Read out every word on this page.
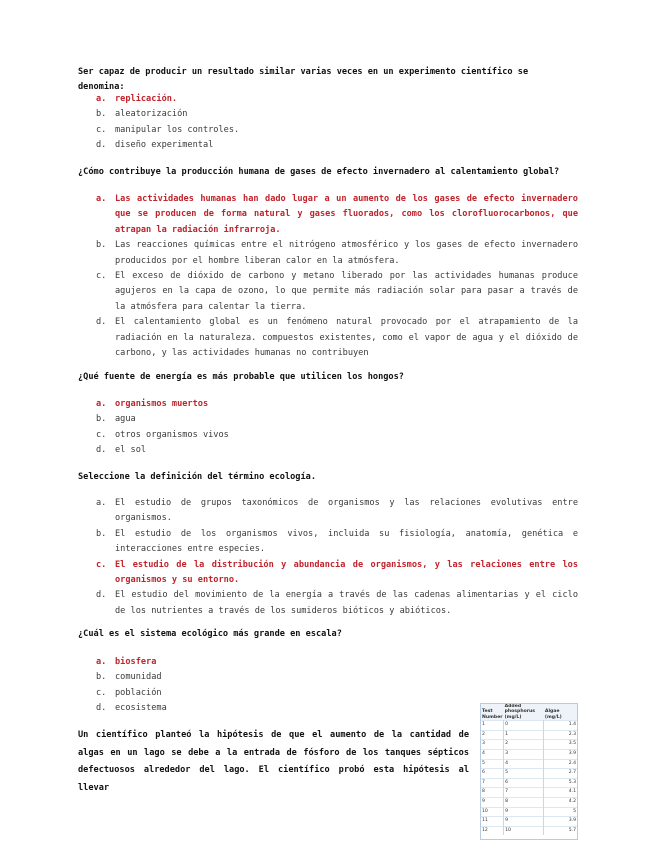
Ser capaz de producir un resultado similar varias veces en un experimento científico se denomina:

a.	replicación.
b.	aleatorización
c.	manipular los controles.
d.	diseño experimental

¿Cómo contribuye la producción humana de gases de efecto invernadero al calentamiento global?

a.	Las actividades humanas han dado lugar a un aumento de los gases de efecto invernadero que se producen de forma natural y gases fluorados, como los clorofluorocarbonos, que atrapan la radiación infrarroja.
b.	Las reacciones químicas entre el nitrógeno atmosférico y los gases de efecto invernadero producidos por el hombre liberan calor en la atmósfera.
c.	El exceso de dióxido de carbono y metano liberado por las actividades humanas produce agujeros en la capa de ozono, lo que permite más radiación solar para pasar a través de la atmósfera para calentar la tierra.
d.	El calentamiento global es un fenómeno natural provocado por el atrapamiento de la radiación en la naturaleza. compuestos existentes, como el vapor de agua y el dióxido de carbono, y las actividades humanas no contribuyen

¿Qué fuente de energía es más probable que utilicen los hongos?

a.	organismos muertos
b.	agua
c.	otros organismos vivos
d.	el sol

Seleccione la definición del término ecología.

a.	El estudio de grupos taxonómicos de organismos y las relaciones evolutivas entre organismos.
b.	El estudio de los organismos vivos, incluida su fisiología, anatomía, genética e interacciones entre especies.
c.	El estudio de la distribución y abundancia de organismos, y las relaciones entre los organismos y su entorno.
d.	El estudio del movimiento de la energía a través de las cadenas alimentarias y el ciclo de los nutrientes a través de los sumideros bióticos y abióticos.

¿Cuál es el sistema ecológico más grande en escala?

a.	biosfera
b.	comunidad
c.	población
d.	ecosistema

Un científico planteó la hipótesis de que el aumento de la cantidad de algas en un lago se debe a la entrada de fósforo de los tanques sépticos defectuosos alrededor del lago. El científico probó esta hipótesis al llevar

Test Number	Added phosphorus (mg/L)	Algae (mg/L)
1	0	1.4
2	1	2.3
3	2	3.5
4	3	3.9
5	4	2.4
6	5	2.7
7	6	5.3
8	7	4.1
9	8	4.2
10	9	5
11	9	3.9
12	10	5.7
